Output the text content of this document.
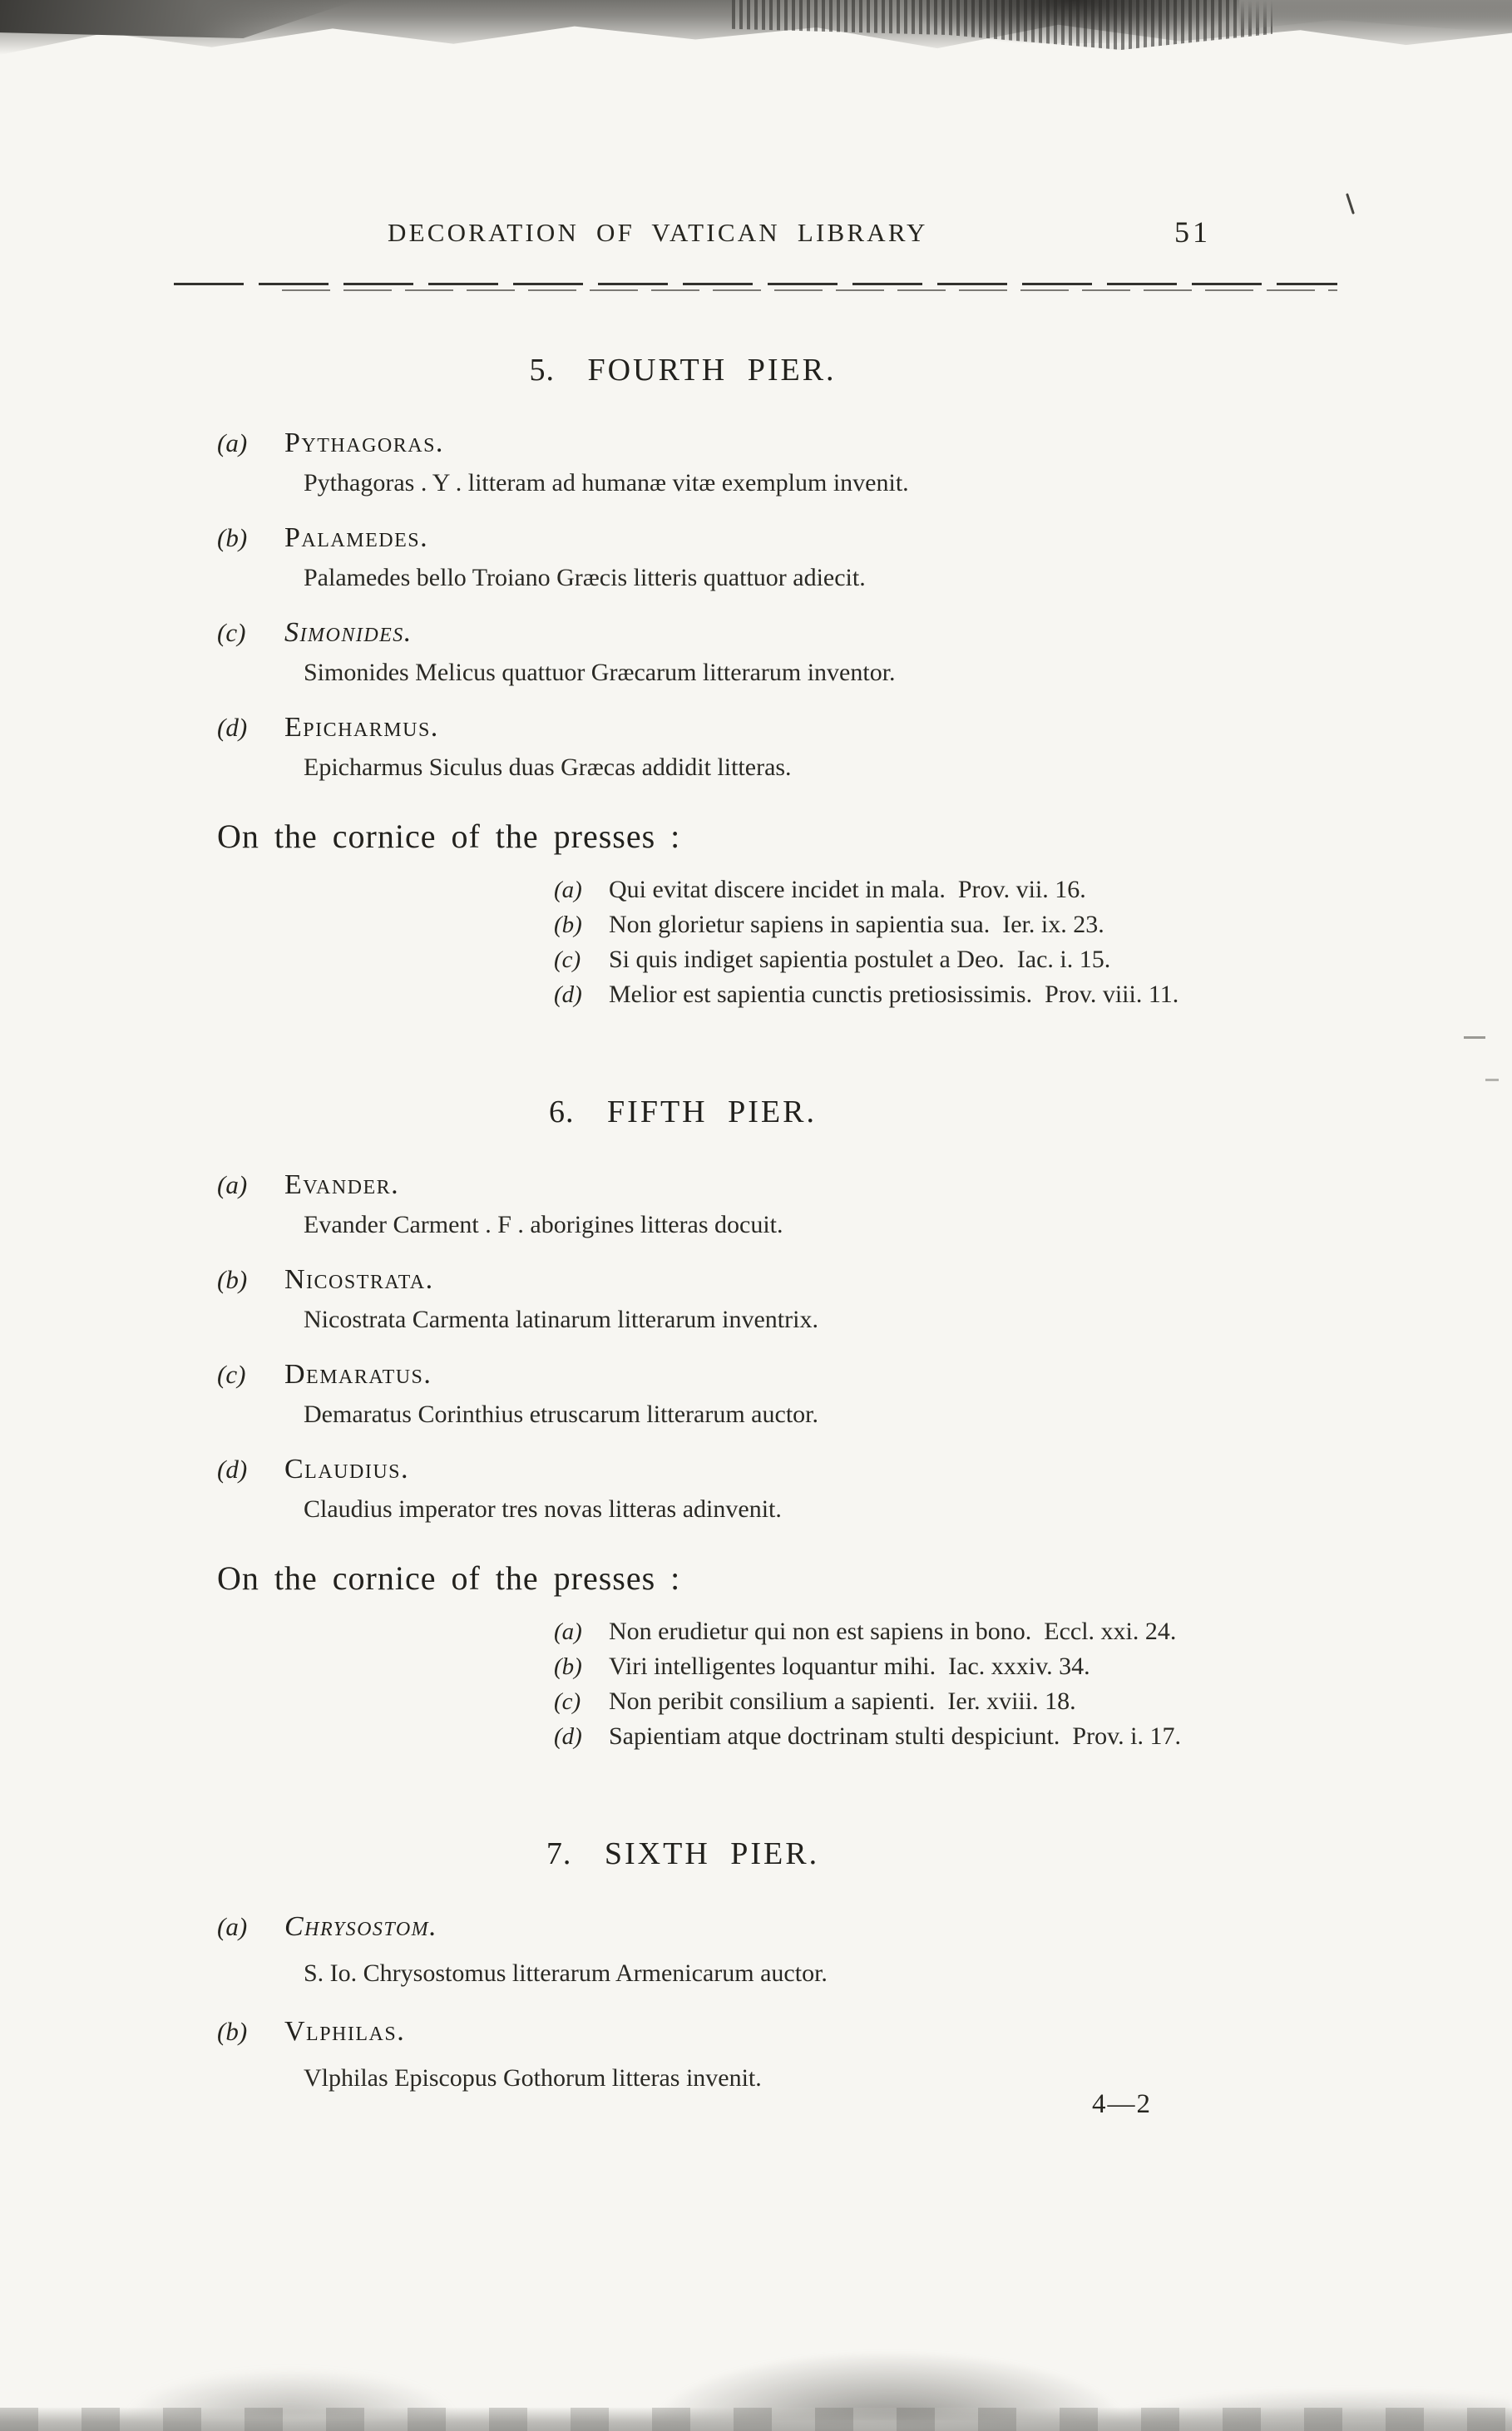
DECORATION OF VATICAN LIBRARY	51
5. FOURTH PIER.
(a)	Pythagoras.
Pythagoras . Y . litteram ad humanæ vitæ exemplum invenit.
(b)	Palamedes.
Palamedes bello Troiano Græcis litteris quattuor adiecit.
(c)	Simonides.
Simonides Melicus quattuor Græcarum litterarum inventor.
(d)	Epicharmus.
Epicharmus Siculus duas Græcas addidit litteras.
On the cornice of the presses :
(a)	Qui evitat discere incidet in mala.  Prov. vii. 16.
(b)	Non glorietur sapiens in sapientia sua.  Ier. ix. 23.
(c)	Si quis indiget sapientia postulet a Deo.  Iac. i. 15.
(d)	Melior est sapientia cunctis pretiosissimis.  Prov. viii. 11.
6. FIFTH PIER.
(a)	Evander.
Evander Carment . F . aborigines litteras docuit.
(b)	Nicostrata.
Nicostrata Carmenta latinarum litterarum inventrix.
(c)	Demaratus.
Demaratus Corinthius etruscarum litterarum auctor.
(d)	Claudius.
Claudius imperator tres novas litteras adinvenit.
On the cornice of the presses :
(a)	Non erudietur qui non est sapiens in bono.  Eccl. xxi. 24.
(b)	Viri intelligentes loquantur mihi.  Iac. xxxiv. 34.
(c)	Non peribit consilium a sapienti.  Ier. xviii. 18.
(d)	Sapientiam atque doctrinam stulti despiciunt.  Prov. i. 17.
7. SIXTH PIER.
(a)	Chrysostom.
S. Io. Chrysostomus litterarum Armenicarum auctor.
(b)	Vlphilas.
Vlphilas Episcopus Gothorum litteras invenit.
4—2
